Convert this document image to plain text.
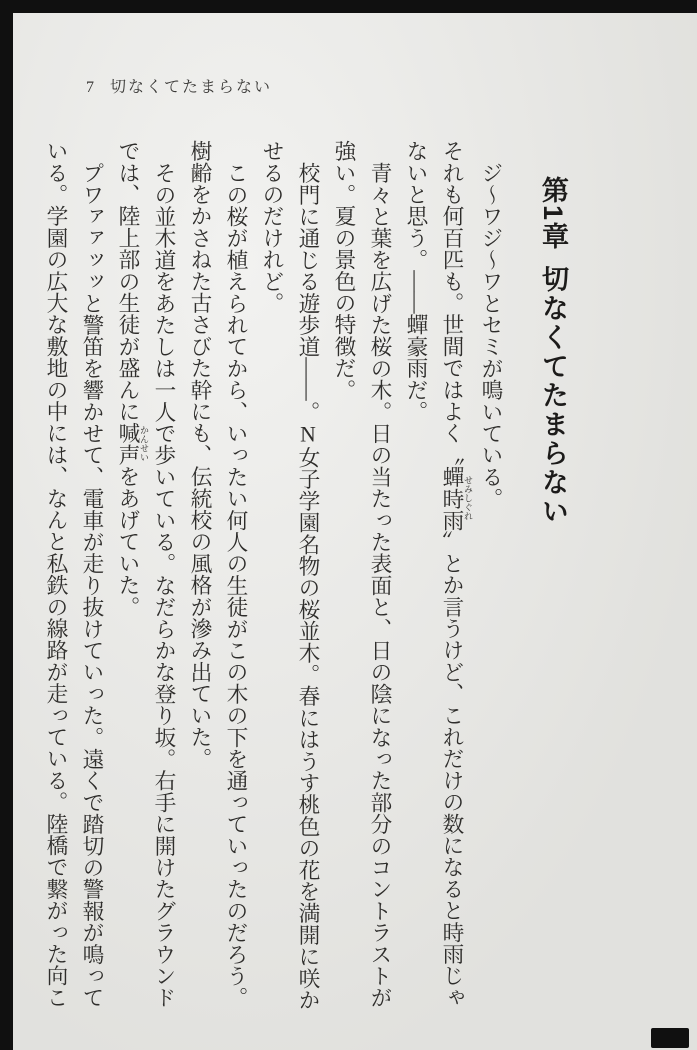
7 切なくてたまらない
第1章切なくてたまらない

ジ〜ワジ〜ワとセミが鳴いている。

それも何百匹も。世間ではよく〝蟬時雨 せみしぐれ〟とか言うけど、これだけの数になると時雨じゃないと思う。――蟬豪雨だ。

青々と葉を広げた桜の木。日の当たった表面と、日の陰になった部分のコントラストが強い。夏の景色の特徴だ。

校門に通じる遊歩道――。N女子学園名物の桜並木。春にはうす桃色の花を満開に咲かせるのだけれど。

この桜が植えられてから、いったい何人の生徒がこの木の下を通っていったのだろう。樹齢をかさねた古さびた幹にも、伝統校の風格が滲み出ていた。

その並木道をあたしは一人で歩いている。なだらかな登り坂。右手に開けたグラウンドでは、陸上部の生徒が盛んに喊声 かんせいをあげていた。

プワァァッッと警笛を響かせて、電車が走り抜けていった。遠くで踏切の警報が鳴っている。学園の広大な敷地の中には、なんと私鉄の線路が走っている。陸橋で繋がった向こ
